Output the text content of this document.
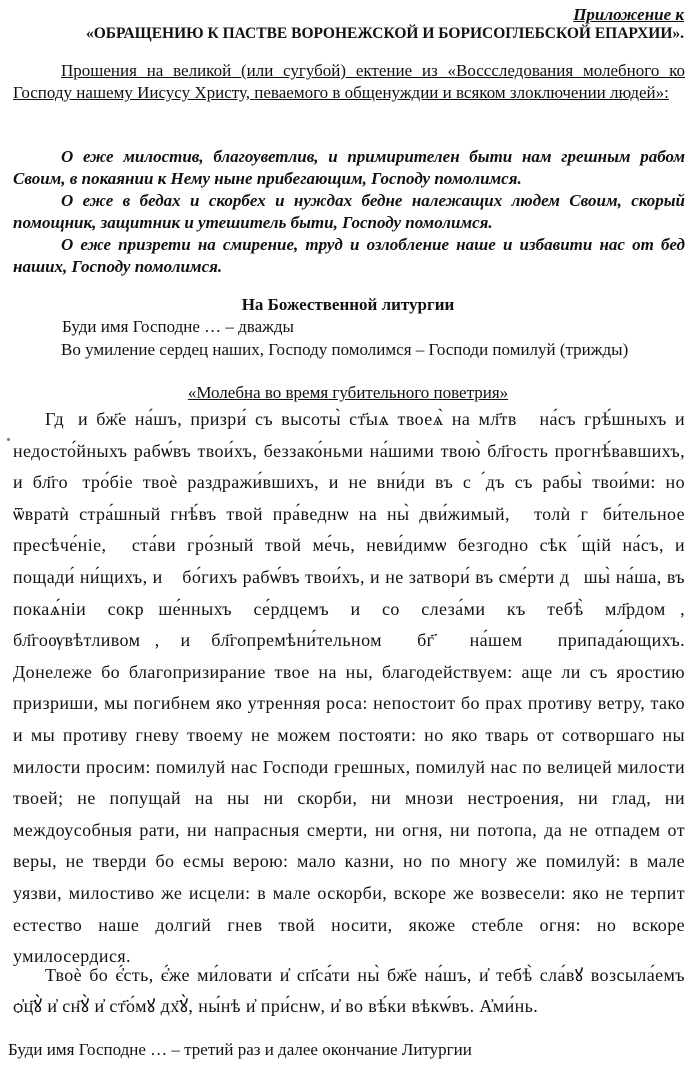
Приложение к
«ОБРАЩЕНИЮ К ПАСТВЕ ВОРОНЕЖСКОЙ И БОРИСОГЛЕБСКОЙ ЕПАРХИИ».
Прошения на великой (или сугубой) ектение из «Воссследования молебного ко Господу нашему Иисусу Христу, певаемого в общенуждии и всяком злоключении людей»:

О еже милостив, благоуветлив, и примирителен быти нам грешным рабом Своим, в покаянии к Нему ныне прибегающим, Господу помолимся.

О еже в бедах и скорбех и нуждах бедне належащих людем Своим, скорый помощник, защитник и утешитель быти, Господу помолимся.

О еже призрети на смирение, труд и озлобление наше и избавити нас от бед наших, Господу помолимся.

На Божественной литургии
Буди имя Господне … – дважды
Во умиление сердец наших, Господу помолимся – Господи помилуй (трижды)
«Молебна во время губительного поветрия»

Гдⷭи бж҃е на́шъ, призри́ съ высоты̀ ст҃ыѧ твоеѧ̀ на мл҃твꙋ на́съ грѣ́шныхъ и недосто́йныхъ рабѡ́въ твои́хъ, беззако́ньми на́шими твою̀ бл҃гость прогнѣ́вавшихъ, и бл҃гоꙋтро́біе твоѐ раздражи́вшихъ, и не вни́ди въ сꙋ́дъ съ рабы̀ твои́ми: но ѿвратѝ стра́шный гнѣ́въ твой пра́веднѡ на ны̀ дви́жимый, ꙋтолѝ гꙋби́тельное пресѣче́ніе, ꙋста́ви гро́зный твой ме́чь, неви́димѡ безгодно сѣкꙋ́щій на́съ, и пощади́ ни́щихъ, и ꙋбо́гихъ рабѡ́въ твои́хъ, и не затвори́ въ сме́рти дꙋшы̀ на́ша, въ покаѧ́ніи сокрꙋше́нныхъ се́рдцемъ и со слеза́ми къ тебѣ̀ мл҃рдомꙋ, бл҃гоѹвѣтливомꙋ, и бл҃гопремѣни́тельномꙋ бг҃ꙋ на́шемꙋ припада́ющихъ. Донележе бо благопризирание твое на ны, благодействуем: аще ли съ яростию призриши, мы погибнем яко утренняя роса: непостоит бо прах противу ветру, тако и мы противу гневу твоему не можем постояти: но яко тварь от сотворшаго ны милости просим: помилуй нас Господи грешных, помилуй нас по велицей милости твоей; не попущай на ны ни скорби, ни мнози нестроения, ни глад, ни междоусобныя рати, ни напрасныя смерти, ни огня, ни потопа, да не отпадем от веры, не тверди бо есмы верою: мало казни, но по многу же помилуй: в мале уязви, милостиво же исцели: в мале оскорби, вскоре же возвесели: яко не терпит естество наше долгий гнев твой носити, якоже стебле огня: но вскоре умилосердися.

Твоѐ бо є҆́сть, є҆́же ми́ловати и҆ сп҃са́ти ны̀ бж҃е на́шъ, и҆ тебѣ̀ сла́вꙋ возсыла́емъ ѻ҆ц҃ꙋ̀ и҆ сн҃ꙋ̀ и҆ ст҃о́мꙋ дх҃ꙋ̀, ны́нѣ и҆ при́снѡ, и҆ во вѣ́ки вѣкѡ́въ. А҆ми́нь.

Буди имя Господне … – третий раз и далее окончание Литургии
